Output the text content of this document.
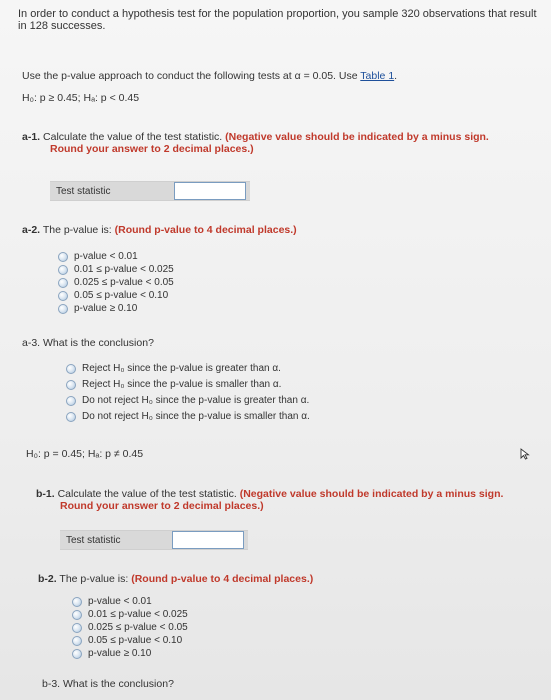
In order to conduct a hypothesis test for the population proportion, you sample 320 observations that result in 128 successes.
Use the p-value approach to conduct the following tests at α = 0.05. Use Table 1.
H₀: p ≥ 0.45; Hₐ: p < 0.45
a-1. Calculate the value of the test statistic. (Negative value should be indicated by a minus sign.
Round your answer to 2 decimal places.)
Test statistic
a-2. The p-value is: (Round p-value to 4 decimal places.)
p-value < 0.01
0.01 ≤ p-value < 0.025
0.025 ≤ p-value < 0.05
0.05 ≤ p-value < 0.10
p-value ≥ 0.10
a-3. What is the conclusion?
Reject H₀ since the p-value is greater than α.
Reject H₀ since the p-value is smaller than α.
Do not reject H₀ since the p-value is greater than α.
Do not reject H₀ since the p-value is smaller than α.
H₀: p = 0.45; Hₐ: p ≠ 0.45
b-1. Calculate the value of the test statistic. (Negative value should be indicated by a minus sign.
Round your answer to 2 decimal places.)
Test statistic
b-2. The p-value is: (Round p-value to 4 decimal places.)
p-value < 0.01
0.01 ≤ p-value < 0.025
0.025 ≤ p-value < 0.05
0.05 ≤ p-value < 0.10
p-value ≥ 0.10
b-3. What is the conclusion?
